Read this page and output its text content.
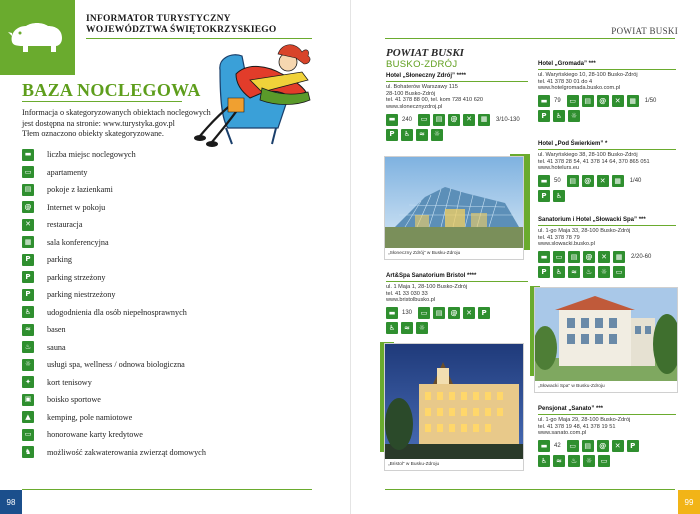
INFORMATOR TURYSTYCZNY
WOJEWÓDZTWA ŚWIĘTOKRZYSKIEGO
BAZA NOCLEGOWA
Informacja o skategoryzowanych obiektach noclegowych
jest dostępna na stronie: www.turystyka.gov.pl
Tłem oznaczono obiekty skategoryzowane.
▬	liczba miejsc noclegowych
▭	apartamenty
▤	pokoje z łazienkami
@	Internet w pokoju
✕	restauracja
▦	sala konferencyjna
P	parking
P	parking strzeżony
P	parking niestrzeżony
♿	udogodnienia dla osób niepełnosprawnych
≈	basen
♨	sauna
☼	usługi spa, wellness / odnowa biologiczna
✦	kort tenisowy
▣	boisko sportowe
▲	kemping, pole namiotowe
▭	honorowane karty kredytowe
♞	możliwość zakwaterowania zwierząt domowych
98
POWIAT BUSKI
POWIAT BUSKI
BUSKO-ZDRÓJ
Hotel „Słoneczny Zdrój” ****
ul. Bohaterów Warszawy 115
28-100 Busko-Zdrój
tel. 41 378 88 00, tel. kom 728 410 620
www.slonecznyzdroj.pl
▬	240	▭	▤	@	✕	▦	3/10-130
P	♿	≈	☼
„Słoneczny Zdrój” w Busku-Zdroju
Art&Spa Sanatorium Bristol ****
ul. 1 Maja 1, 28-100 Busko-Zdrój
tel. 41 33 030 33
www.bristolbusko.pl
▬	130	▭	▤	@	✕	P
♿	≈	☼
„Bristol” w Busku-Zdroju
Hotel „Gromada” ***
ul. Waryńskiego 10, 28-100 Busko-Zdrój
tel. 41 378 30 01 do 4
www.hotelgromada.busko.com.pl
▬	79	▭	▤	@	✕	▦	1/50
P	♿	☼
Hotel „Pod Świerkiem” *
ul. Waryńskiego 38, 28-100 Busko-Zdrój
tel. 41 378 28 54, 41 378 14 64, 370 865 051
www.hotelurs.eu
▬	50	▤	@	✕	▦	1/40
P	♿
Sanatorium i Hotel „Słowacki Spa” ***
ul. 1-go Maja 33, 28-100 Busko-Zdrój
tel. 41 378 78 79
www.slowacki.busko.pl
▬	▭	▤	@	✕	▦	2/20-60
P	♿	≈	♨	☼	▭
„Słowacki Spa” w Busku-Zdroju
Pensjonat „Sanato” ***
ul. 1-go Maja 29, 28-100 Busko-Zdrój
tel. 41 378 19 48, 41 378 19 51
www.sanato.com.pl
▬	42	▭	▤	@	✕	P
♿	≈	♨	☼	▭
99
